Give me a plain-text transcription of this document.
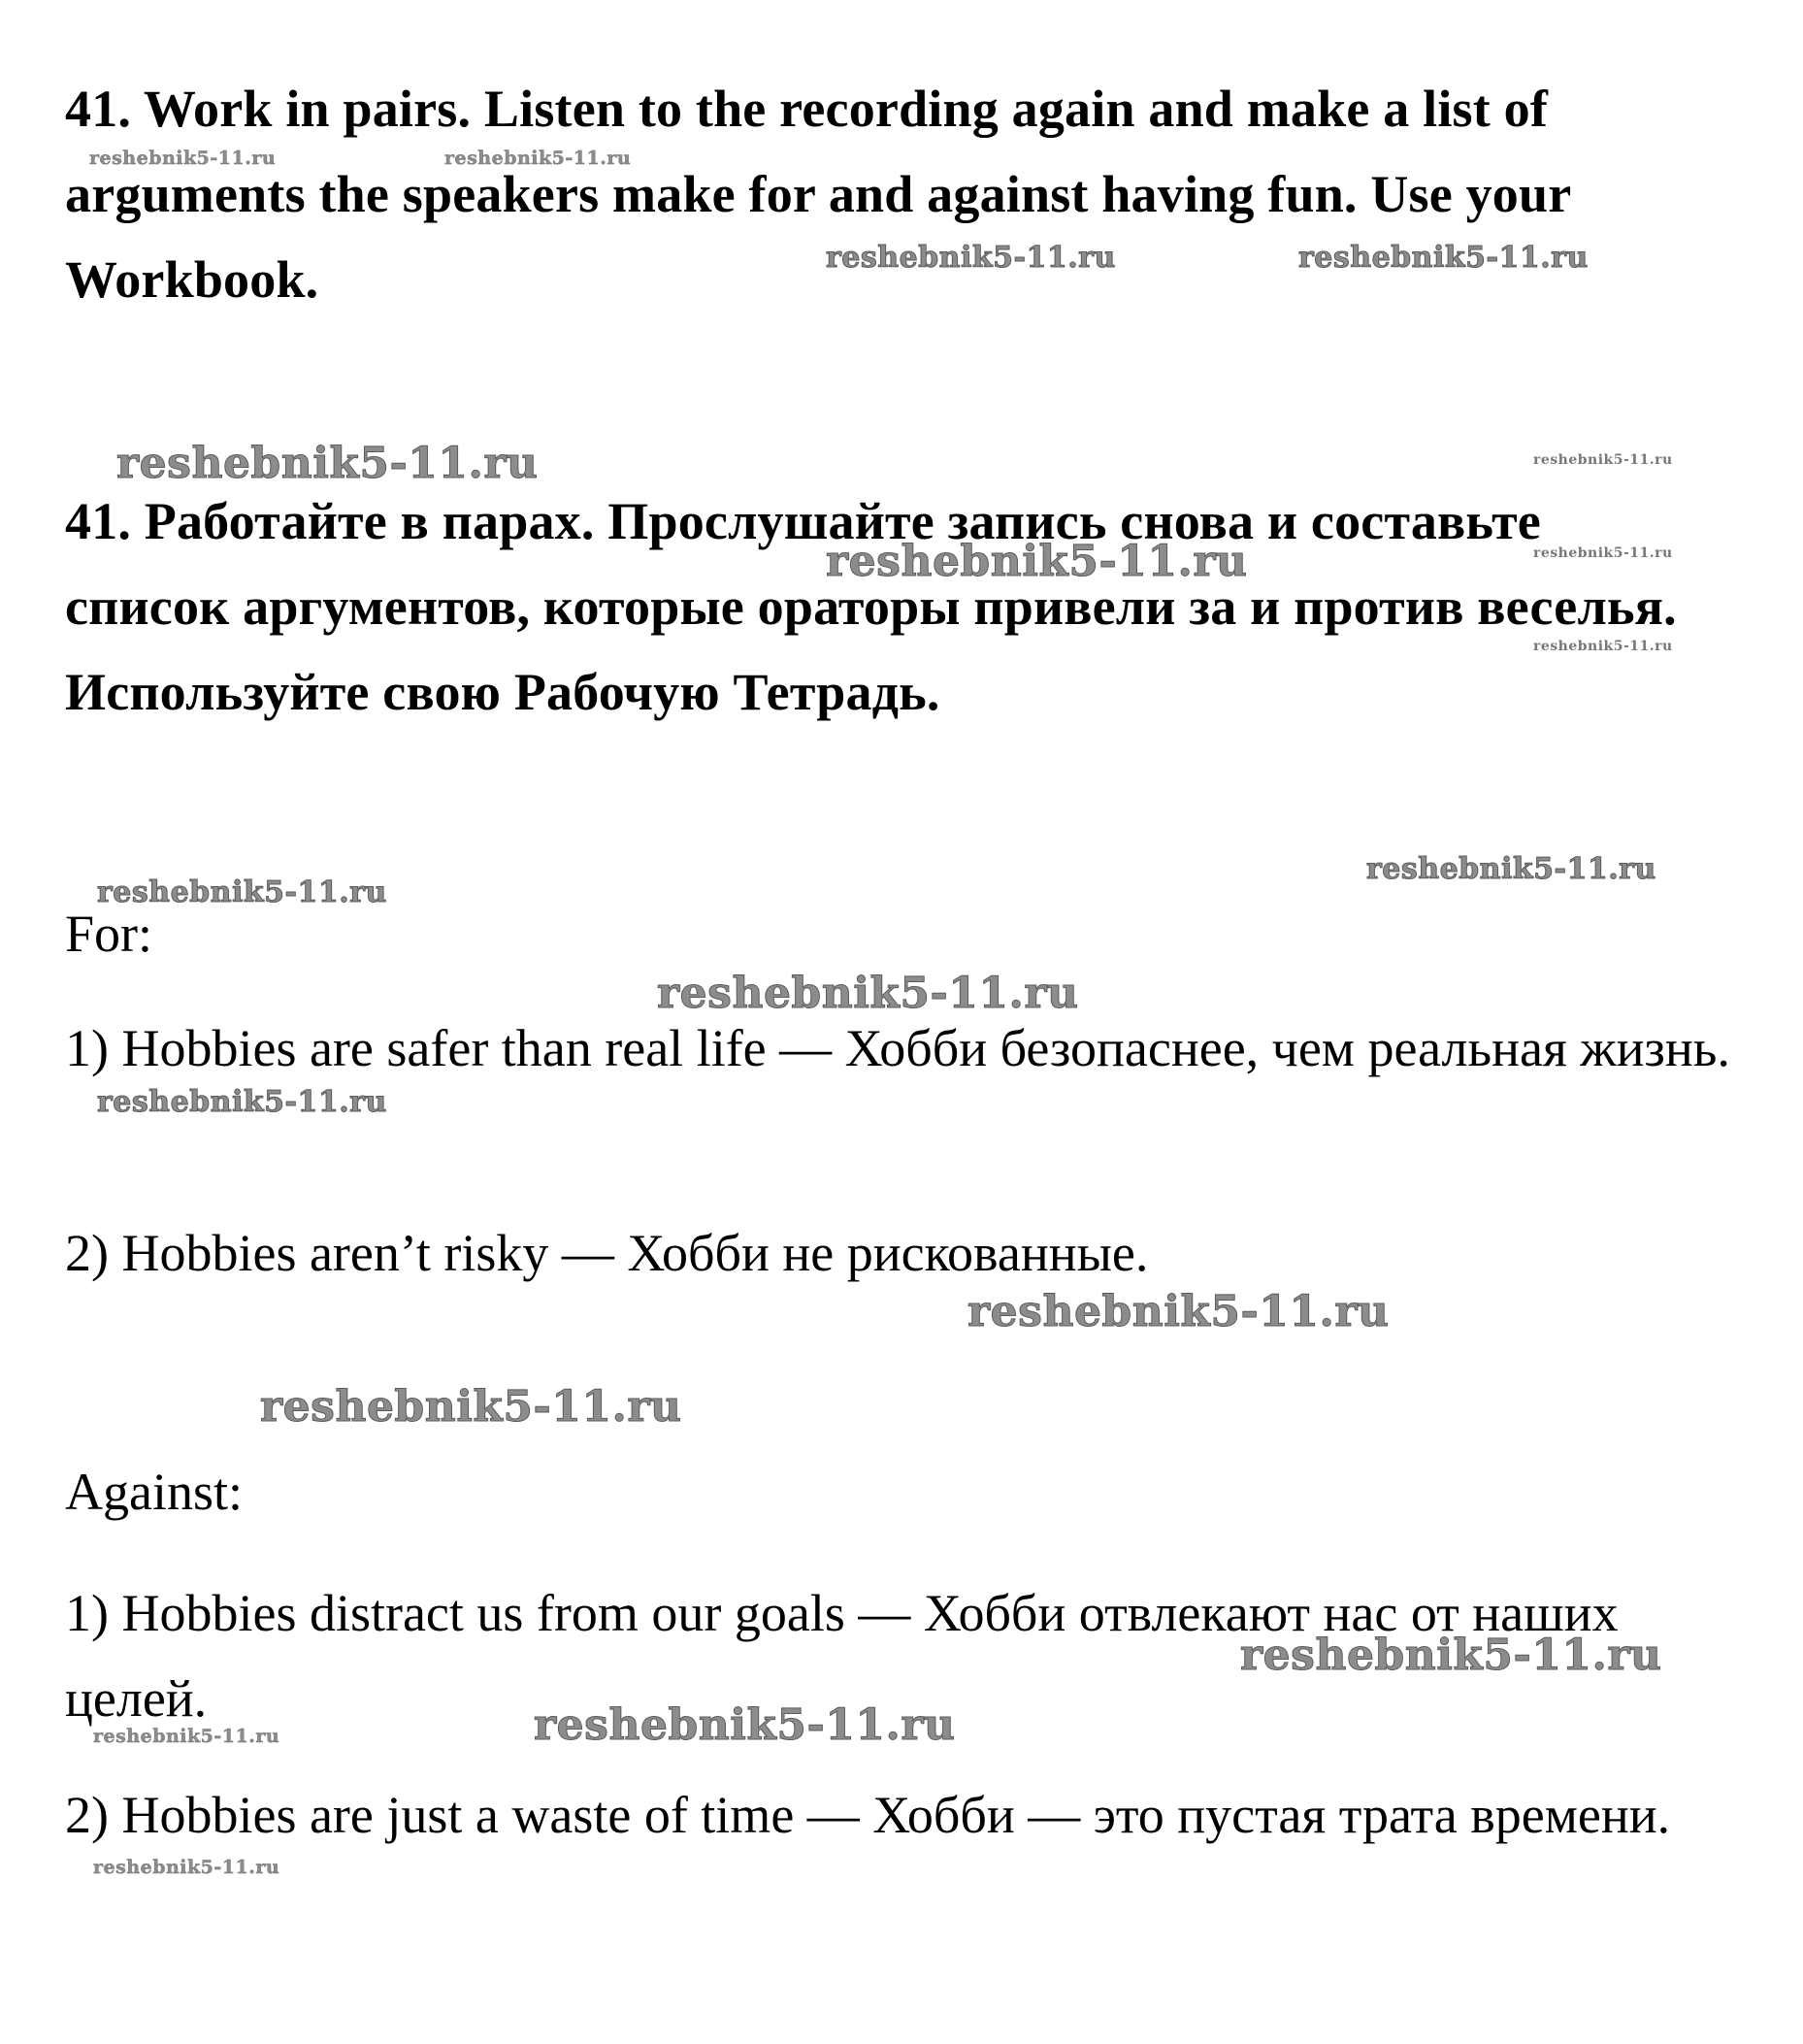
41. Work in pairs. Listen to the recording again and make a list of arguments the speakers make for and against having fun. Use your Workbook.

41. Работайте в парах. Прослушайте запись снова и составьте список аргументов, которые ораторы привели за и против веселья. Используйте свою Рабочую Тетрадь.

For:

1) Hobbies are safer than real life — Хобби безопаснее, чем реальная жизнь.

2) Hobbies aren’t risky — Хобби не рискованные.

Against:

1) Hobbies distract us from our goals — Хобби отвлекают нас от наших целей.

2) Hobbies are just a waste of time — Хобби — это пустая трата времени.

reshebnik5-11.ru	reshebnik5-11.ru
reshebnik5-11.ru	reshebnik5-11.ru
reshebnik5-11.ru	reshebnik5-11.ru
reshebnik5-11.ru
reshebnik5-11.ru
reshebnik5-11.ru
reshebnik5-11.ru
reshebnik5-11.ru
reshebnik5-11.ru
reshebnik5-11.ru
reshebnik5-11.ru
reshebnik5-11.ru
reshebnik5-11.ru
reshebnik5-11.ru
reshebnik5-11.ru
reshebnik5-11.ru
